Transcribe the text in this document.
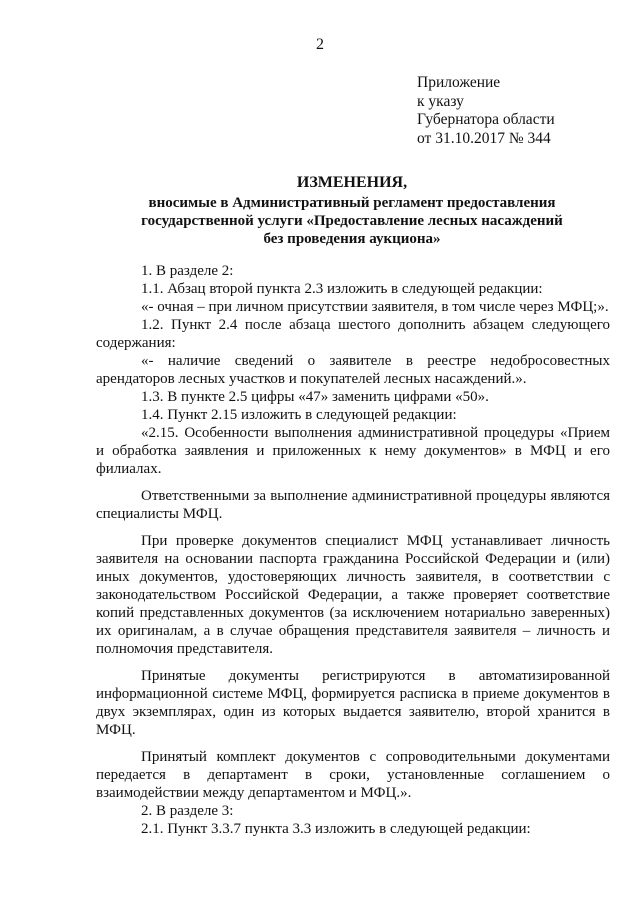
2
Приложение
к указу
Губернатора области
от 31.10.2017 № 344
ИЗМЕНЕНИЯ,
вносимые в Административный регламент предоставления
государственной услуги «Предоставление лесных насаждений
без проведения аукциона»

1. В разделе 2:

1.1. Абзац второй пункта 2.3 изложить в следующей редакции:

«- очная – при личном присутствии заявителя, в том числе через МФЦ;».

1.2. Пункт 2.4 после абзаца шестого дополнить абзацем следующего содержания:

«- наличие сведений о заявителе в реестре недобросовестных арендаторов лесных участков и покупателей лесных насаждений.».

1.3. В пункте 2.5 цифры «47» заменить цифрами «50».

1.4. Пункт 2.15 изложить в следующей редакции:

«2.15. Особенности выполнения административной процедуры «Прием и обработка заявления и приложенных к нему документов» в МФЦ и его филиалах.

Ответственными за выполнение административной процедуры являются специалисты МФЦ.

При проверке документов специалист МФЦ устанавливает личность заявителя на основании паспорта гражданина Российской Федерации и (или) иных документов, удостоверяющих личность заявителя, в соответствии с законодательством Российской Федерации, а также проверяет соответствие копий представленных документов (за исключением нотариально заверенных) их оригиналам, а в случае обращения представителя заявителя – личность и полномочия представителя.

Принятые документы регистрируются в автоматизированной информационной системе МФЦ, формируется расписка в приеме документов в двух экземплярах, один из которых выдается заявителю, второй хранится в МФЦ.

Принятый комплект документов с сопроводительными документами передается в департамент в сроки, установленные соглашением о взаимодействии между департаментом и МФЦ.».

2. В разделе 3:

2.1. Пункт 3.3.7 пункта 3.3 изложить в следующей редакции:
